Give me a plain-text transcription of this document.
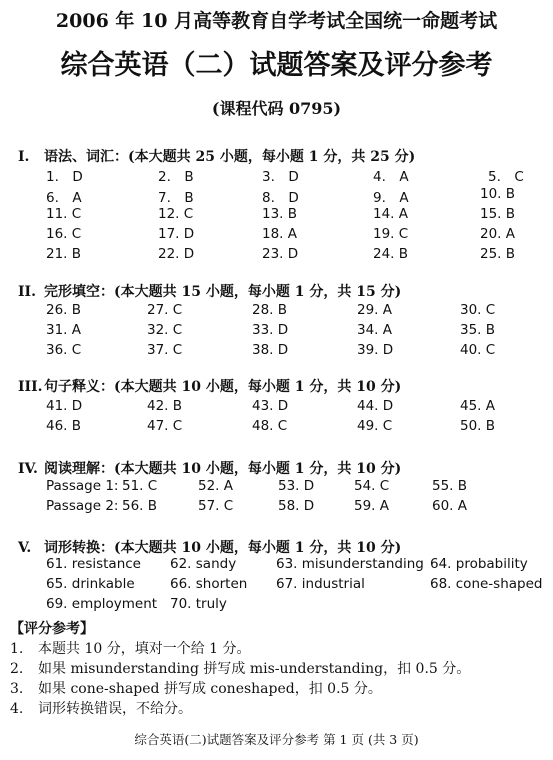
2006 年 10 月高等教育自学考试全国统一命题考试
综合英语（二）试题答案及评分参考
(课程代码 0795)
I. 语法、词汇：(本大题共 25 小题，每小题 1 分，共 25 分)
1.　D	2.　B	3.　D	4.　A	5.　C
6.　A	7.　B	8.　D	9.　A	10. B
11. C	12. C	13. B	14. A	15. B
16. C	17. D	18. A	19. C	20. A
21. B	22. D	23. D	24. B	25. B
II. 完形填空：(本大题共 15 小题，每小题 1 分，共 15 分)
26. B	27. C	28. B	29. A	30. C
31. A	32. C	33. D	34. A	35. B
36. C	37. C	38. D	39. D	40. C
III.句子释义：(本大题共 10 小题，每小题 1 分，共 10 分)
41. D	42. B	43. D	44. D	45. A
46. B	47. C	48. C	49. C	50. B
IV. 阅读理解：(本大题共 10 小题，每小题 1 分，共 10 分)
Passage 1: 51. C	52. A	53. D	54. C	55. B
Passage 2: 56. B	57. C	58. D	59. A	60. A
V. 词形转换：(本大题共 10 小题，每小题 1 分，共 10 分)
61. resistance 62. sandy	63. misunderstanding 64. probability
65. drinkable	66. shorten 67. industrial	68. cone-shaped
69. employment 70. truly
【评分参考】
1. 本题共 10 分，填对一个给 1 分。
2. 如果 misunderstanding 拼写成 mis-understanding，扣 0.5 分。
3. 如果 cone-shaped 拼写成 coneshaped，扣 0.5 分。
4. 词形转换错误，不给分。
综合英语(二)试题答案及评分参考 第 1 页 (共 3 页)
